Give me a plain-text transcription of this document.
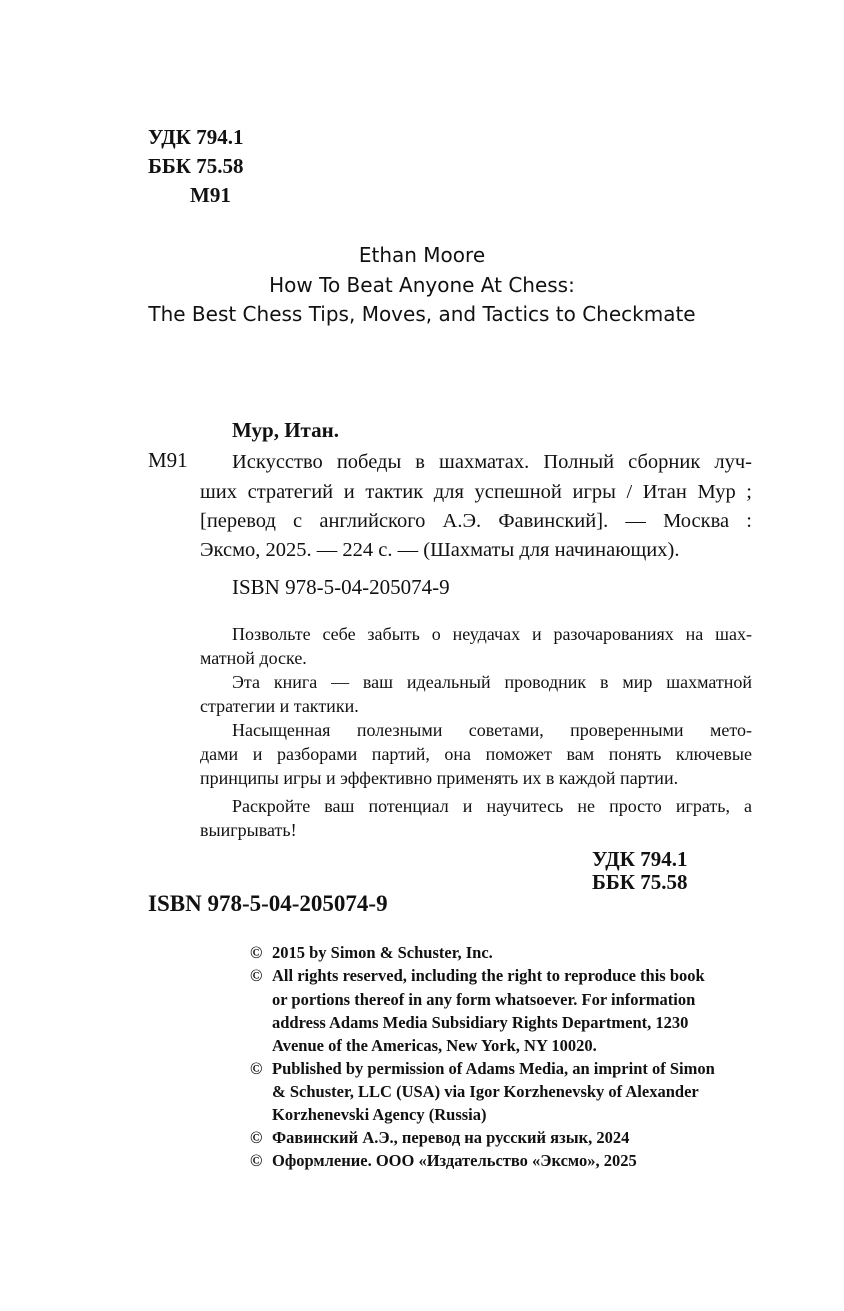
УДК 794.1
ББК 75.58
М91
Ethan Moore
How To Beat Anyone At Chess:
The Best Chess Tips, Moves, and Tactics to Checkmate
Мур, Итан.
М91 Искусство победы в шахматах. Полный сборник луч-
ших стратегий и тактик для успешной игры / Итан Мур ;
[перевод с английского А.Э. Фавинский]. — Москва :
Эксмо, 2025. — 224 с. — (Шахматы для начинающих).
ISBN 978-5-04-205074-9
Позвольте себе забыть о неудачах и разочарованиях на шах-
матной доске.
Эта книга — ваш идеальный проводник в мир шахматной
стратегии и тактики.
Насыщенная полезными советами, проверенными мето-
дами и разборами партий, она поможет вам понять ключевые
принципы игры и эффективно применять их в каждой партии.
Раскройте ваш потенциал и научитесь не просто играть, а
выигрывать!
УДК 794.1
ББК 75.58
ISBN 978-5-04-205074-9
© 2015 by Simon & Schuster, Inc.
© All rights reserved, including the right to reproduce this book
or portions thereof in any form whatsoever. For information
address Adams Media Subsidiary Rights Department, 1230
Avenue of the Americas, New York, NY 10020.
© Published by permission of Adams Media, an imprint of Simon
& Schuster, LLC (USA) via Igor Korzhenevsky of Alexander
Korzhenevski Agency (Russia)
© Фавинский А.Э., перевод на русский язык, 2024
© Оформление. ООО «Издательство «Эксмо», 2025
